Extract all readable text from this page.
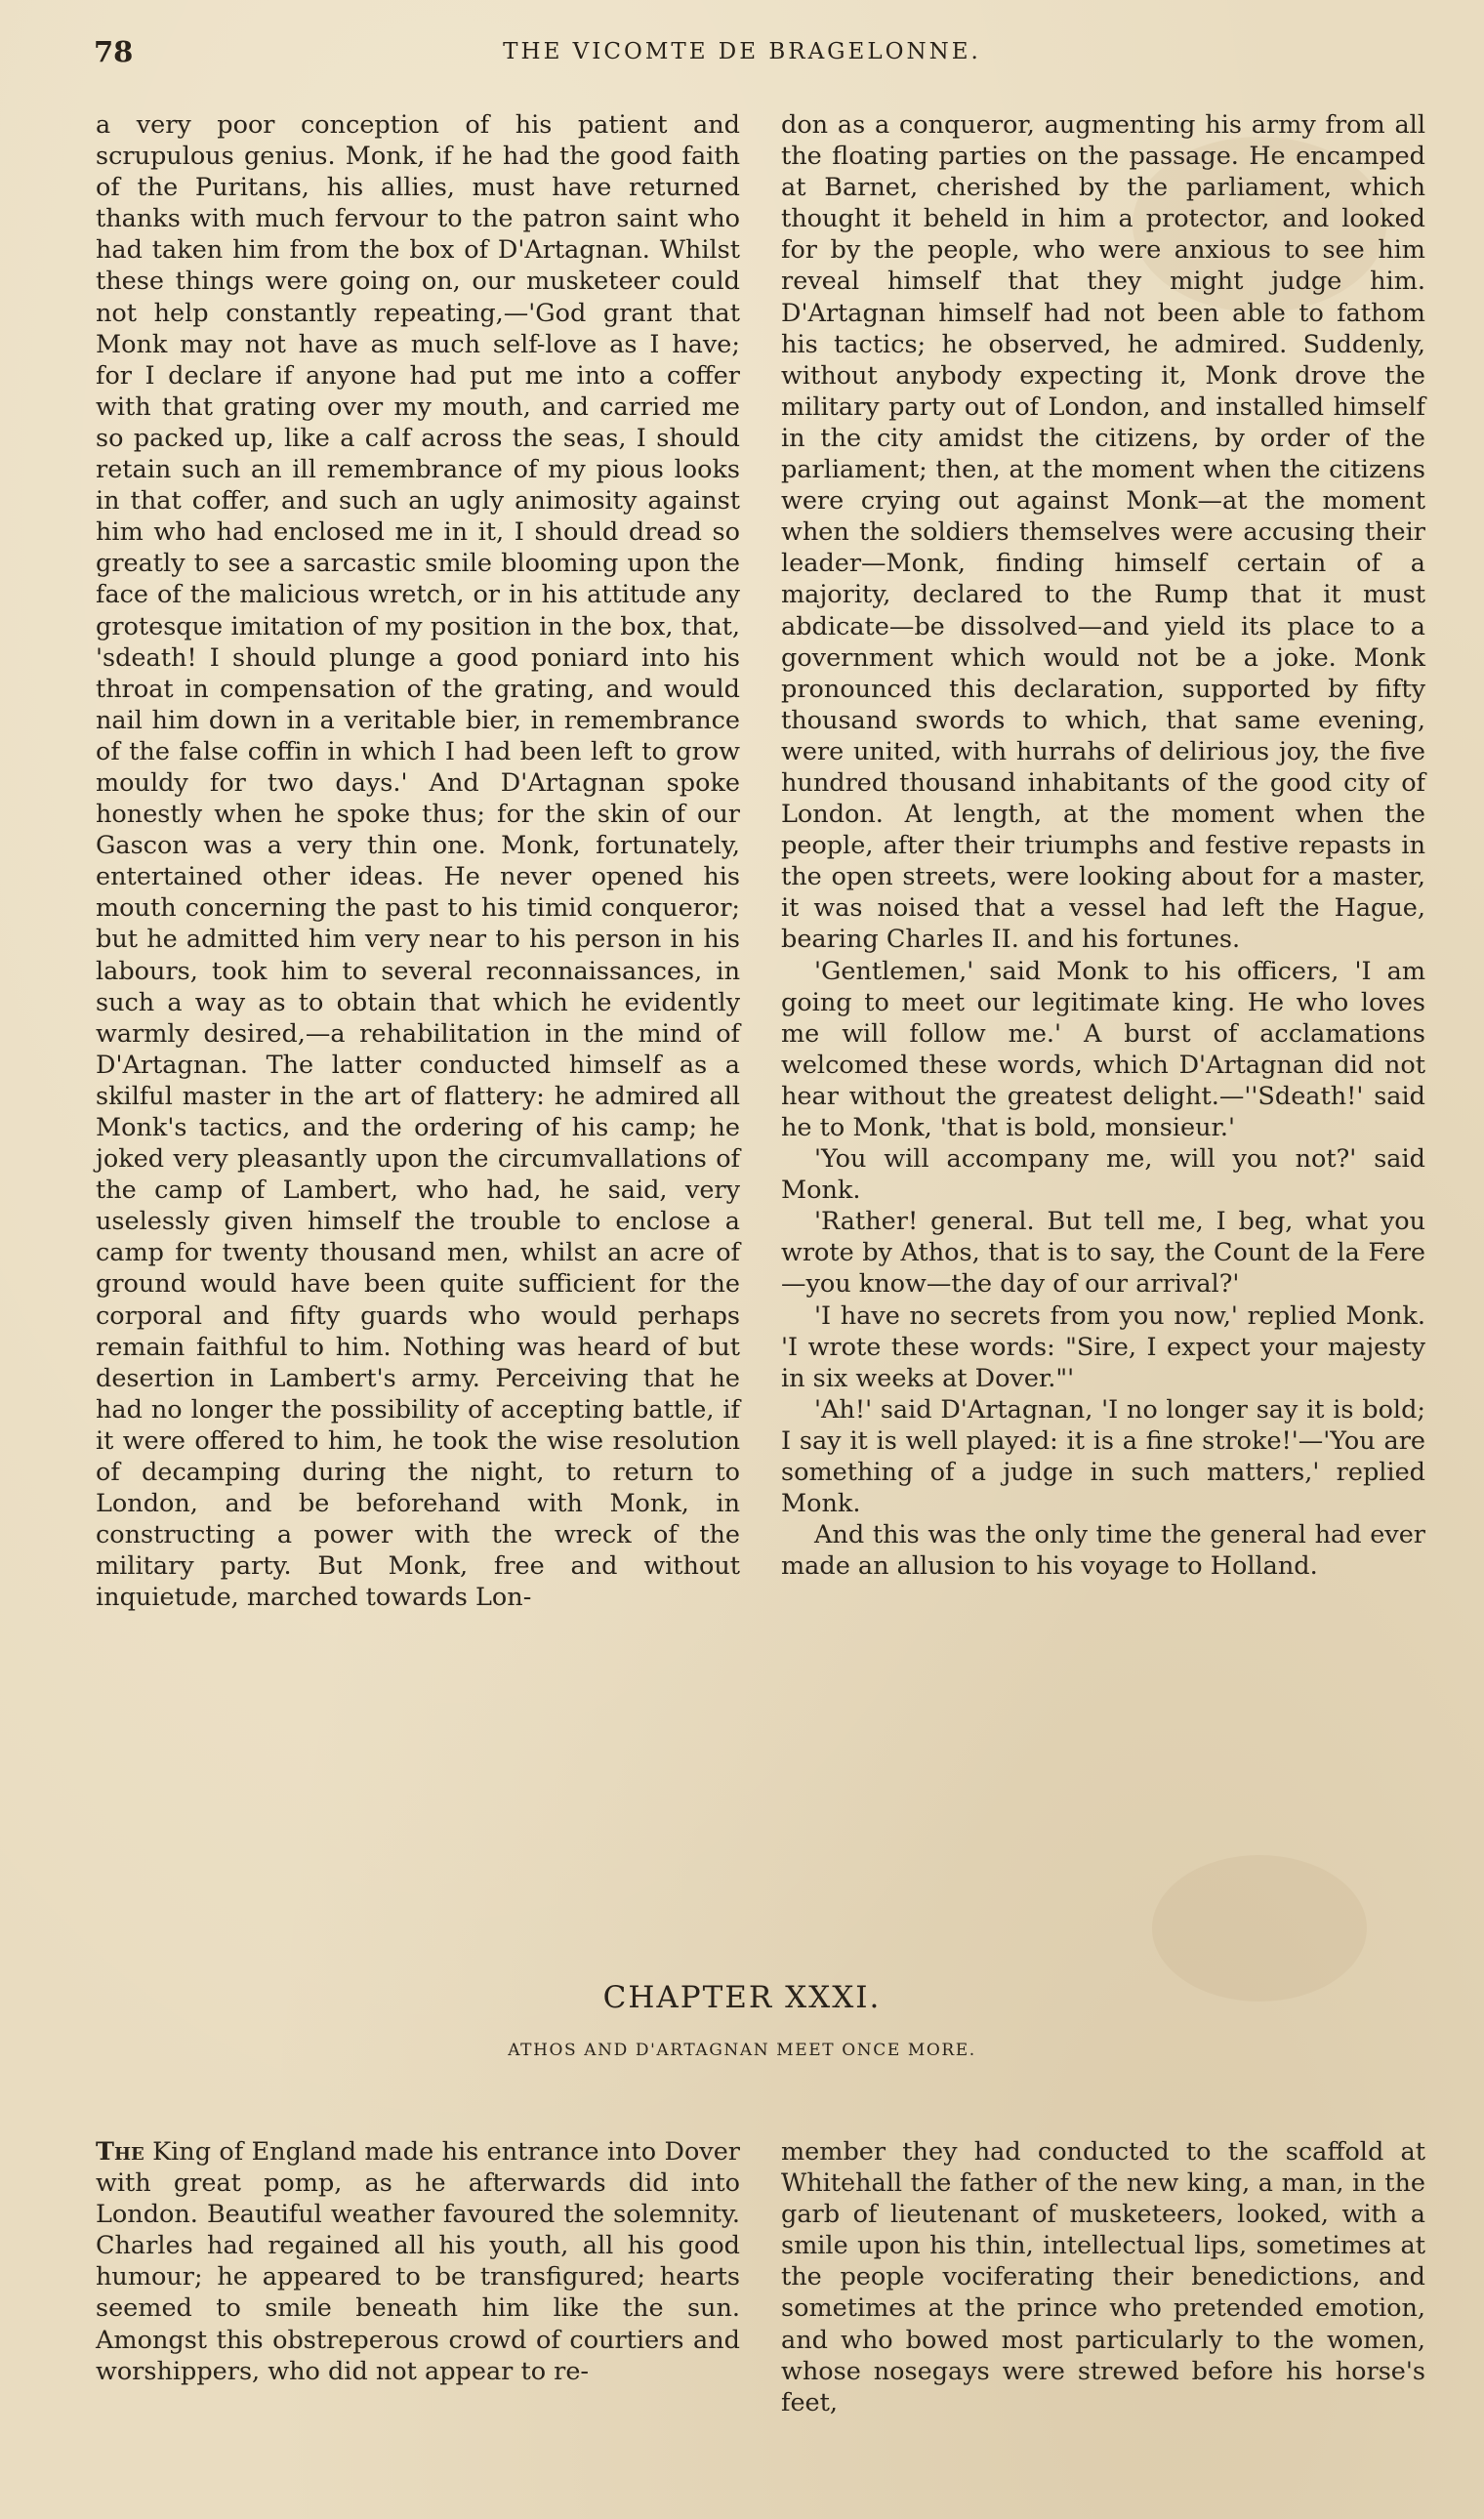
78	THE VICOMTE DE BRAGELONNE.

a very poor conception of his patient and scrupulous genius. Monk, if he had the good faith of the Puritans, his allies, must have returned thanks with much fervour to the patron saint who had taken him from the box of D'Artagnan. Whilst these things were going on, our musketeer could not help constantly repeating,—'God grant that Monk may not have as much self-love as I have; for I declare if anyone had put me into a coffer with that grating over my mouth, and carried me so packed up, like a calf across the seas, I should retain such an ill remembrance of my pious looks in that coffer, and such an ugly animosity against him who had enclosed me in it, I should dread so greatly to see a sarcastic smile blooming upon the face of the malicious wretch, or in his attitude any grotesque imitation of my position in the box, that, 'sdeath! I should plunge a good poniard into his throat in compensation of the grating, and would nail him down in a veritable bier, in remembrance of the false coffin in which I had been left to grow mouldy for two days.' And D'Artagnan spoke honestly when he spoke thus; for the skin of our Gascon was a very thin one. Monk, fortunately, entertained other ideas. He never opened his mouth concerning the past to his timid conqueror; but he admitted him very near to his person in his labours, took him to several reconnaissances, in such a way as to obtain that which he evidently warmly desired,—a rehabilitation in the mind of D'Artagnan. The latter conducted himself as a skilful master in the art of flattery: he admired all Monk's tactics, and the ordering of his camp; he joked very pleasantly upon the circumvallations of the camp of Lambert, who had, he said, very uselessly given himself the trouble to enclose a camp for twenty thousand men, whilst an acre of ground would have been quite sufficient for the corporal and fifty guards who would perhaps remain faithful to him. Nothing was heard of but desertion in Lambert's army. Perceiving that he had no longer the possibility of accepting battle, if it were offered to him, he took the wise resolution of decamping during the night, to return to London, and be beforehand with Monk, in constructing a power with the wreck of the military party. But Monk, free and without inquietude, marched towards Lon-

don as a conqueror, augmenting his army from all the floating parties on the passage. He encamped at Barnet, cherished by the parliament, which thought it beheld in him a protector, and looked for by the people, who were anxious to see him reveal himself that they might judge him. D'Artagnan himself had not been able to fathom his tactics; he observed, he admired. Suddenly, without anybody expecting it, Monk drove the military party out of London, and installed himself in the city amidst the citizens, by order of the parliament; then, at the moment when the citizens were crying out against Monk—at the moment when the soldiers themselves were accusing their leader—Monk, finding himself certain of a majority, declared to the Rump that it must abdicate—be dissolved—and yield its place to a government which would not be a joke. Monk pronounced this declaration, supported by fifty thousand swords to which, that same evening, were united, with hurrahs of delirious joy, the five hundred thousand inhabitants of the good city of London. At length, at the moment when the people, after their triumphs and festive repasts in the open streets, were looking about for a master, it was noised that a vessel had left the Hague, bearing Charles II. and his fortunes.

'Gentlemen,' said Monk to his officers, 'I am going to meet our legitimate king. He who loves me will follow me.' A burst of acclamations welcomed these words, which D'Artagnan did not hear without the greatest delight.—''Sdeath!' said he to Monk, 'that is bold, monsieur.'

'You will accompany me, will you not?' said Monk.

'Rather! general. But tell me, I beg, what you wrote by Athos, that is to say, the Count de la Fere—you know—the day of our arrival?'

'I have no secrets from you now,' replied Monk. 'I wrote these words: "Sire, I expect your majesty in six weeks at Dover."'

'Ah!' said D'Artagnan, 'I no longer say it is bold; I say it is well played: it is a fine stroke!'—'You are something of a judge in such matters,' replied Monk.

And this was the only time the general had ever made an allusion to his voyage to Holland.

CHAPTER XXXI.
ATHOS AND D'ARTAGNAN MEET ONCE MORE.

The King of England made his entrance into Dover with great pomp, as he afterwards did into London. Beautiful weather favoured the solemnity. Charles had regained all his youth, all his good humour; he appeared to be transfigured; hearts seemed to smile beneath him like the sun. Amongst this obstreperous crowd of courtiers and worshippers, who did not appear to re-

member they had conducted to the scaffold at Whitehall the father of the new king, a man, in the garb of lieutenant of musketeers, looked, with a smile upon his thin, intellectual lips, sometimes at the people vociferating their benedictions, and sometimes at the prince who pretended emotion, and who bowed most particularly to the women, whose nosegays were strewed before his horse's feet,
